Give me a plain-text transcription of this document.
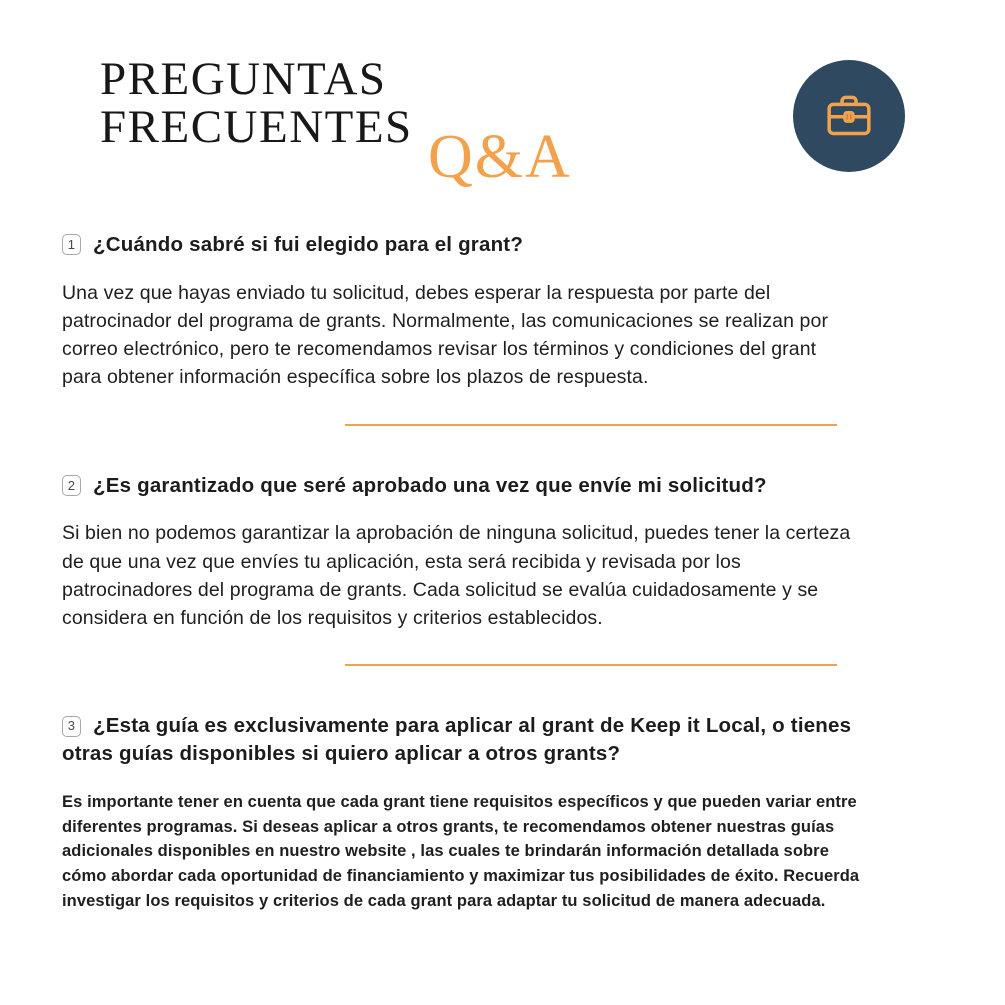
PREGUNTAS
FRECUENTES Q&A

1 ¿Cuándo sabré si fui elegido para el grant?

Una vez que hayas enviado tu solicitud, debes esperar la respuesta por parte del patrocinador del programa de grants. Normalmente, las comunicaciones se realizan por correo electrónico, pero te recomendamos revisar los términos y condiciones del grant para obtener información específica sobre los plazos de respuesta.

2 ¿Es garantizado que seré aprobado una vez que envíe mi solicitud?

Si bien no podemos garantizar la aprobación de ninguna solicitud, puedes tener la certeza de que una vez que envíes tu aplicación, esta será recibida y revisada por los patrocinadores del programa de grants. Cada solicitud se evalúa cuidadosamente y se considera en función de los requisitos y criterios establecidos.

3 ¿Esta guía es exclusivamente para aplicar al grant de Keep it Local, o tienes otras guías disponibles si quiero aplicar a otros grants?

Es importante tener en cuenta que cada grant tiene requisitos específicos y que pueden variar entre diferentes programas. Si deseas aplicar a otros grants, te recomendamos obtener nuestras guías adicionales disponibles en nuestro website , las cuales te brindarán información detallada sobre cómo abordar cada oportunidad de financiamiento y maximizar tus posibilidades de éxito. Recuerda investigar los requisitos y criterios de cada grant para adaptar tu solicitud de manera adecuada.
